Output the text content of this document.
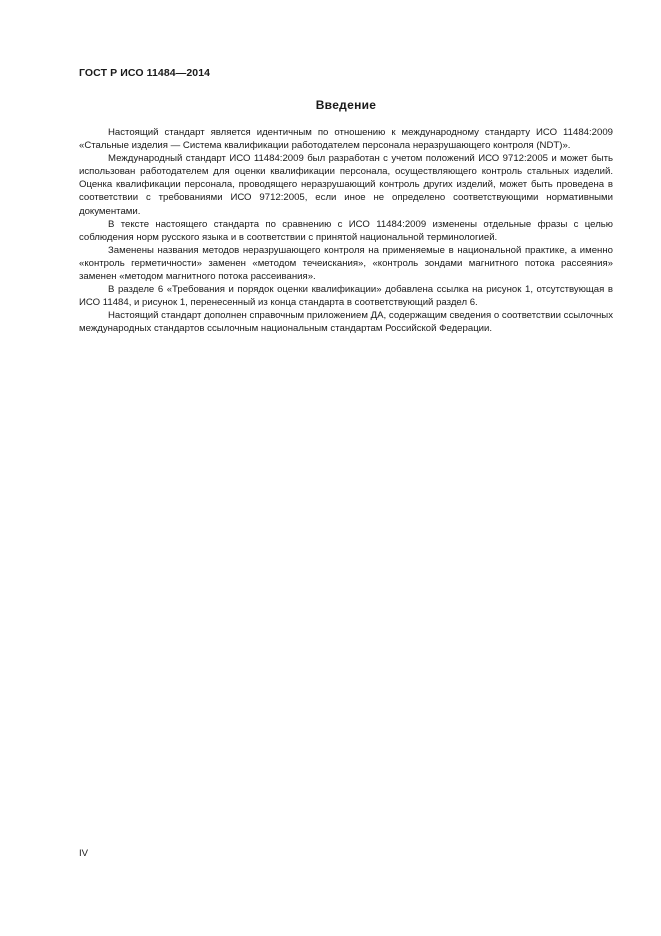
ГОСТ Р ИСО 11484—2014
Введение

Настоящий стандарт является идентичным по отношению к международному стандарту ИСО 11484:2009 «Стальные изделия — Система квалификации работодателем персонала неразрушающего контроля (NDT)».

Международный стандарт ИСО 11484:2009 был разработан с учетом положений ИСО 9712:2005 и может быть использован работодателем для оценки квалификации персонала, осуществляющего контроль стальных изделий. Оценка квалификации персонала, проводящего неразрушающий контроль других изделий, может быть проведена в соответствии с требованиями ИСО 9712:2005, если иное не определено соответствующими нормативными документами.

В тексте настоящего стандарта по сравнению с ИСО 11484:2009 изменены отдельные фразы с целью соблюдения норм русского языка и в соответствии с принятой национальной терминологией.

Заменены названия методов неразрушающего контроля на применяемые в национальной практике, а именно «контроль герметичности» заменен «методом течеискания», «контроль зондами магнитного потока рассеяния» заменен «методом магнитного потока рассеивания».

В разделе 6 «Требования и порядок оценки квалификации» добавлена ссылка на рисунок 1, отсутствующая в ИСО 11484, и рисунок 1, перенесенный из конца стандарта в соответствующий раздел 6.

Настоящий стандарт дополнен справочным приложением ДА, содержащим сведения о соответствии ссылочных международных стандартов ссылочным национальным стандартам Российской Федерации.

IV
